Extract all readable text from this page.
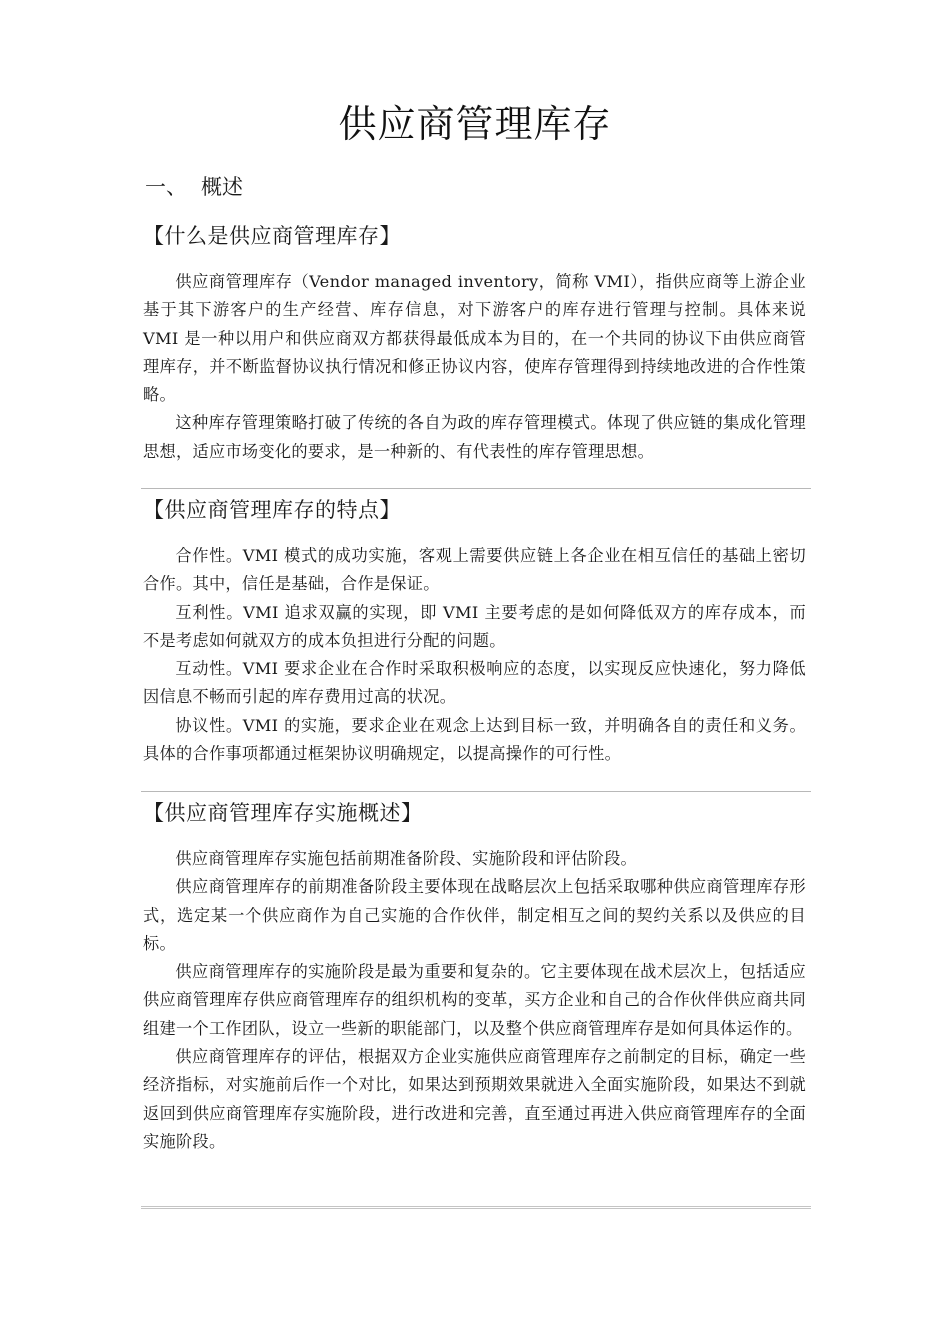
供应商管理库存
一、 概述
【什么是供应商管理库存】

供应商管理库存（Vendor managed inventory，简称 VMI），指供应商等上游企业基于其下游客户的生产经营、库存信息，对下游客户的库存进行管理与控制。具体来说 VMI 是一种以用户和供应商双方都获得最低成本为目的，在一个共同的协议下由供应商管理库存，并不断监督协议执行情况和修正协议内容，使库存管理得到持续地改进的合作性策略。

这种库存管理策略打破了传统的各自为政的库存管理模式。体现了供应链的集成化管理思想，适应市场变化的要求，是一种新的、有代表性的库存管理思想。

【供应商管理库存的特点】

合作性。VMI 模式的成功实施，客观上需要供应链上各企业在相互信任的基础上密切合作。其中，信任是基础，合作是保证。

互利性。VMI 追求双赢的实现，即 VMI 主要考虑的是如何降低双方的库存成本，而不是考虑如何就双方的成本负担进行分配的问题。

互动性。VMI 要求企业在合作时采取积极响应的态度，以实现反应快速化，努力降低因信息不畅而引起的库存费用过高的状况。

协议性。VMI 的实施，要求企业在观念上达到目标一致，并明确各自的责任和义务。具体的合作事项都通过框架协议明确规定，以提高操作的可行性。

【供应商管理库存实施概述】

供应商管理库存实施包括前期准备阶段、实施阶段和评估阶段。

供应商管理库存的前期准备阶段主要体现在战略层次上包括采取哪种供应商管理库存形式，选定某一个供应商作为自己实施的合作伙伴，制定相互之间的契约关系以及供应的目标。

供应商管理库存的实施阶段是最为重要和复杂的。它主要体现在战术层次上，包括适应供应商管理库存供应商管理库存的组织机构的变革，买方企业和自己的合作伙伴供应商共同组建一个工作团队，设立一些新的职能部门，以及整个供应商管理库存是如何具体运作的。

供应商管理库存的评估，根据双方企业实施供应商管理库存之前制定的目标，确定一些经济指标，对实施前后作一个对比，如果达到预期效果就进入全面实施阶段，如果达不到就返回到供应商管理库存实施阶段，进行改进和完善，直至通过再进入供应商管理库存的全面实施阶段。
